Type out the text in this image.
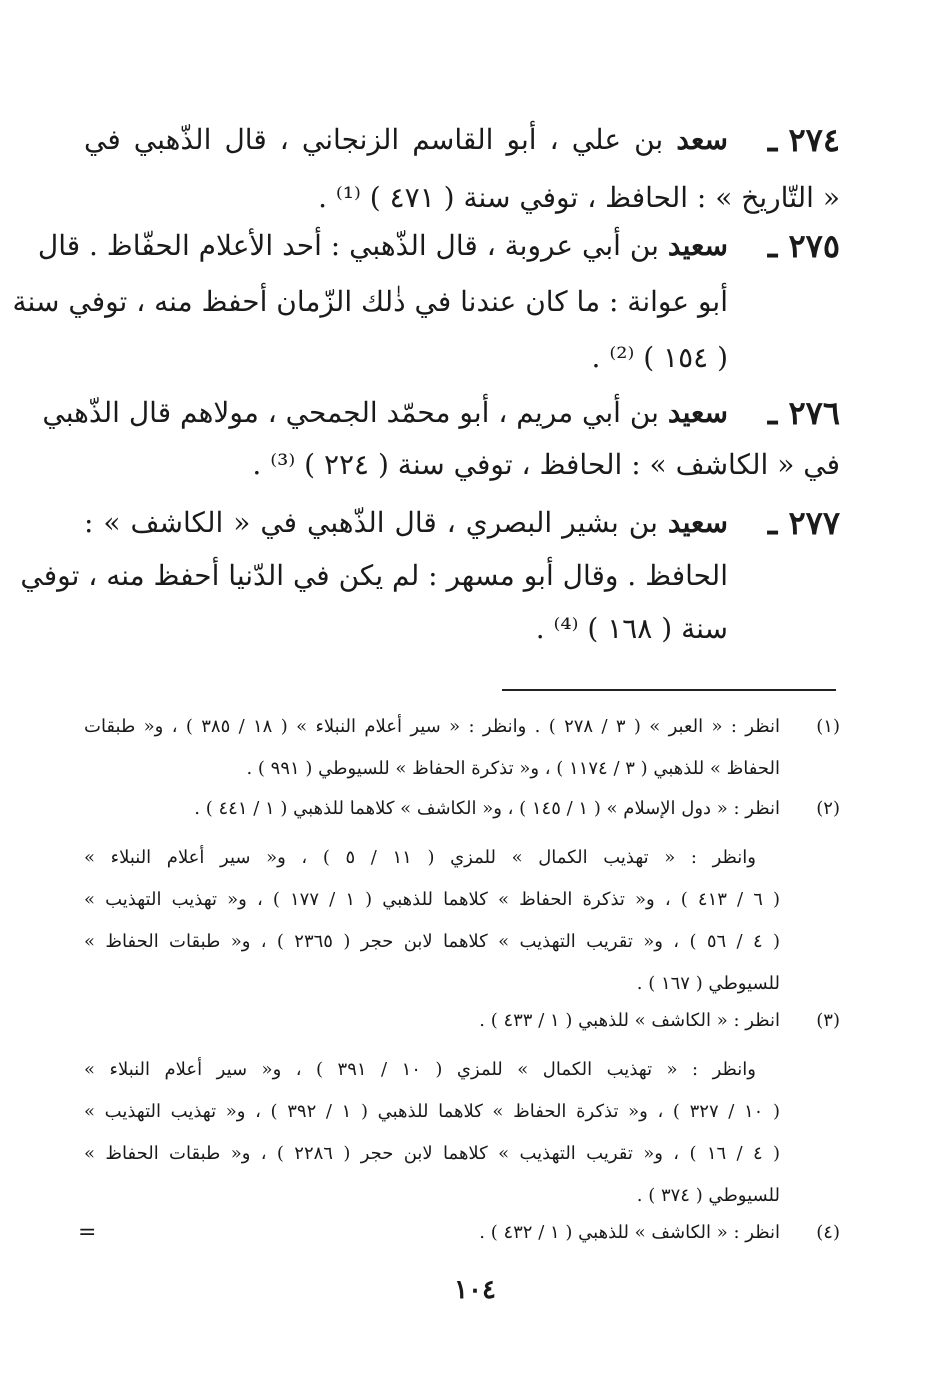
٢٧٤ ـ
سعد بن علي ، أبو القاسم الزنجاني ، قال الذّهبي في
« التّاريخ » : الحافظ ، توفي سنة ( ٤٧١ ) ⁽¹⁾ .
٢٧٥ ـ
سعيد بن أبي عروبة ، قال الذّهبي : أحد الأعلام الحفّاظ . قال
أبو عوانة : ما كان عندنا في ذٰلك الزّمان أحفظ منه ، توفي سنة
( ١٥٤ ) ⁽²⁾ .
٢٧٦ ـ
سعيد بن أبي مريم ، أبو محمّد الجمحي ، مولاهم قال الذّهبي
في « الكاشف » : الحافظ ، توفي سنة ( ٢٢٤ ) ⁽³⁾ .
٢٧٧ ـ
سعيد بن بشير البصري ، قال الذّهبي في « الكاشف » :
الحافظ . وقال أبو مسهر : لم يكن في الدّنيا أحفظ منه ، توفي
سنة ( ١٦٨ ) ⁽⁴⁾ .
(١)
انظر : « العبر » ( ٣ / ٢٧٨ ) . وانظر : « سير أعلام النبلاء » ( ١٨ / ٣٨٥ ) ، و« طبقات
الحفاظ » للذهبي ( ٣ / ١١٧٤ ) ، و« تذكرة الحفاظ » للسيوطي ( ٩٩١ ) .
(٢)
انظر : « دول الإسلام » ( ١ / ١٤٥ ) ، و« الكاشف » كلاهما للذهبي ( ١ / ٤٤١ ) .
وانظر : « تهذيب الكمال » للمزي ( ١١ / ٥ ) ، و« سير أعلام النبلاء »
( ٦ / ٤١٣ ) ، و« تذكرة الحفاظ » كلاهما للذهبي ( ١ / ١٧٧ ) ، و« تهذيب التهذيب »
( ٤ / ٥٦ ) ، و« تقريب التهذيب » كلاهما لابن حجر ( ٢٣٦٥ ) ، و« طبقات الحفاظ »
للسيوطي ( ١٦٧ ) .
(٣)
انظر : « الكاشف » للذهبي ( ١ / ٤٣٣ ) .
وانظر : « تهذيب الكمال » للمزي ( ١٠ / ٣٩١ ) ، و« سير أعلام النبلاء »
( ١٠ / ٣٢٧ ) ، و« تذكرة الحفاظ » كلاهما للذهبي ( ١ / ٣٩٢ ) ، و« تهذيب التهذيب »
( ٤ / ١٦ ) ، و« تقريب التهذيب » كلاهما لابن حجر ( ٢٢٨٦ ) ، و« طبقات الحفاظ »
للسيوطي ( ٣٧٤ ) .
(٤)
انظر : « الكاشف » للذهبي ( ١ / ٤٣٢ ) .
=
١٠٤
